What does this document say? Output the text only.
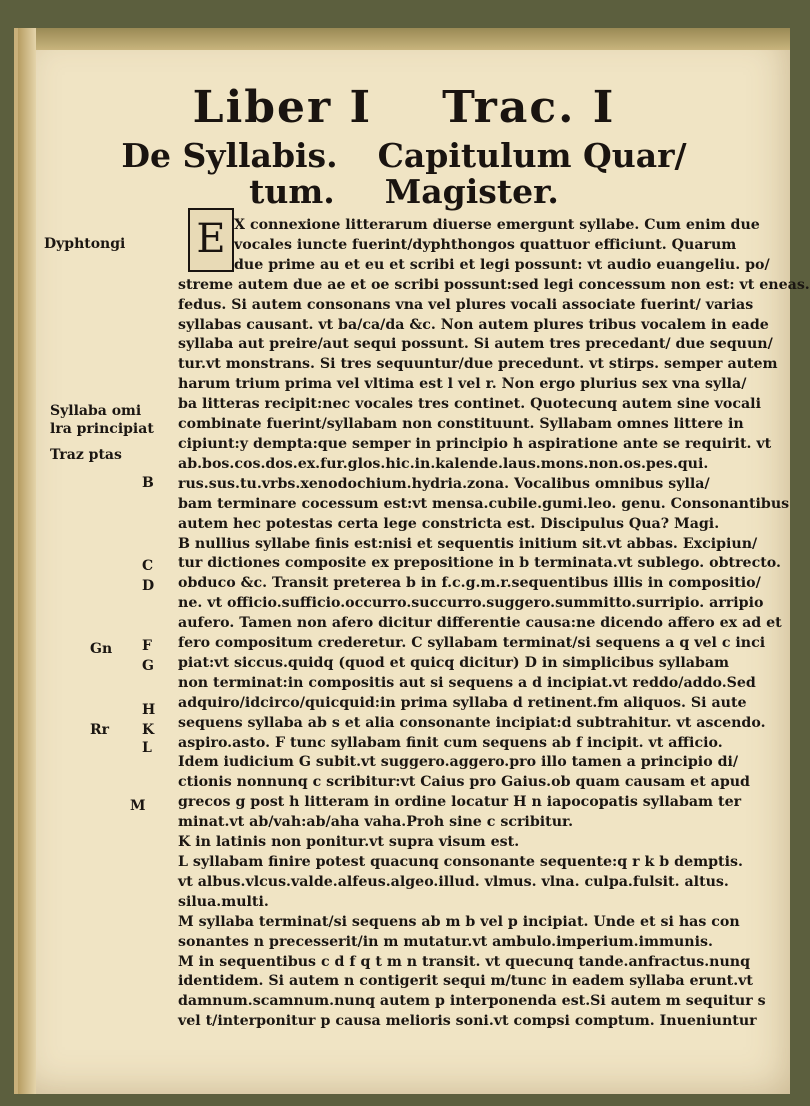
Liber I Trac. I
De Syllabis. Capitulum Quar/
tum. Magister.
X connexione litterarum diuerse emergunt syllabe. Cum enim due
vocales iuncte fuerint/dyphthongos quattuor efficiunt. Quarum
due prime au et eu et scribi et legi possunt: vt audio euangeliu. po/
streme autem due ae et oe scribi possunt:sed legi concessum non est: vt eneas.
fedus. Si autem consonans vna vel plures vocali associate fuerint/ varias
syllabas causant. vt ba/ca/da &c. Non autem plures tribus vocalem in eade
syllaba aut preire/aut sequi possunt. Si autem tres precedant/ due sequun/
tur.vt monstrans. Si tres sequuntur/due precedunt. vt stirps. semper autem
harum trium prima vel vltima est l vel r. Non ergo plurius sex vna sylla/
ba litteras recipit:nec vocales tres continet. Quotecunq autem sine vocali
combinate fuerint/syllabam non constituunt. Syllabam omnes littere in
cipiunt:y dempta:que semper in principio h aspiratione ante se requirit. vt
ab.bos.cos.dos.ex.fur.glos.hic.in.kalende.laus.mons.non.os.pes.qui.
rus.sus.tu.vrbs.xenodochium.hydria.zona. Vocalibus omnibus sylla/
bam terminare cocessum est:vt mensa.cubile.gumi.leo. genu. Consonantibus
autem hec potestas certa lege constricta est. Discipulus Qua? Magi.
B nullius syllabe finis est:nisi et sequentis initium sit.vt abbas. Excipiun/
tur dictiones composite ex prepositione in b terminata.vt sublego. obtrecto.
obduco &c. Transit preterea b in f.c.g.m.r.sequentibus illis in compositio/
ne. vt officio.sufficio.occurro.succurro.suggero.summitto.surripio. arripio
aufero. Tamen non afero dicitur differentie causa:ne dicendo affero ex ad et
fero compositum crederetur. C syllabam terminat/si sequens a q vel c inci
piat:vt siccus.quidq (quod et quicq dicitur) D in simplicibus syllabam
non terminat:in compositis aut si sequens a d incipiat.vt reddo/addo.Sed
adquiro/idcirco/quicquid:in prima syllaba d retinent.fm aliquos. Si aute
sequens syllaba ab s et alia consonante incipiat:d subtrahitur. vt ascendo.
aspiro.asto. F tunc syllabam finit cum sequens ab f incipit. vt afficio.
Idem iudicium G subit.vt suggero.aggero.pro illo tamen a principio di/
ctionis nonnunq c scribitur:vt Caius pro Gaius.ob quam causam et apud
grecos g post h litteram in ordine locatur H n iapocopatis syllabam ter
minat.vt ab/vah:ab/aha vaha.Proh sine c scribitur.
K in latinis non ponitur.vt supra visum est.
L syllabam finire potest quacunq consonante sequente:q r k b demptis.
vt albus.vlcus.valde.alfeus.algeo.illud. vlmus. vlna. culpa.fulsit. altus.
silua.multi.
M syllaba terminat/si sequens ab m b vel p incipiat. Unde et si has con
sonantes n precesserit/in m mutatur.vt ambulo.imperium.immunis.
M in sequentibus c d f q t m n transit. vt quecunq tande.anfractus.nunq
identidem. Si autem n contigerit sequi m/tunc in eadem syllaba erunt.vt
damnum.scamnum.nunq autem p interponenda est.Si autem m sequitur s
vel t/interponitur p causa melioris soni.vt compsi comptum. Inueniuntur
E
Dyphtongi
Syllaba omi
lra principiat
Traz ptas
B
C
D
F
G
Gn
H
K
L
Rr
M
